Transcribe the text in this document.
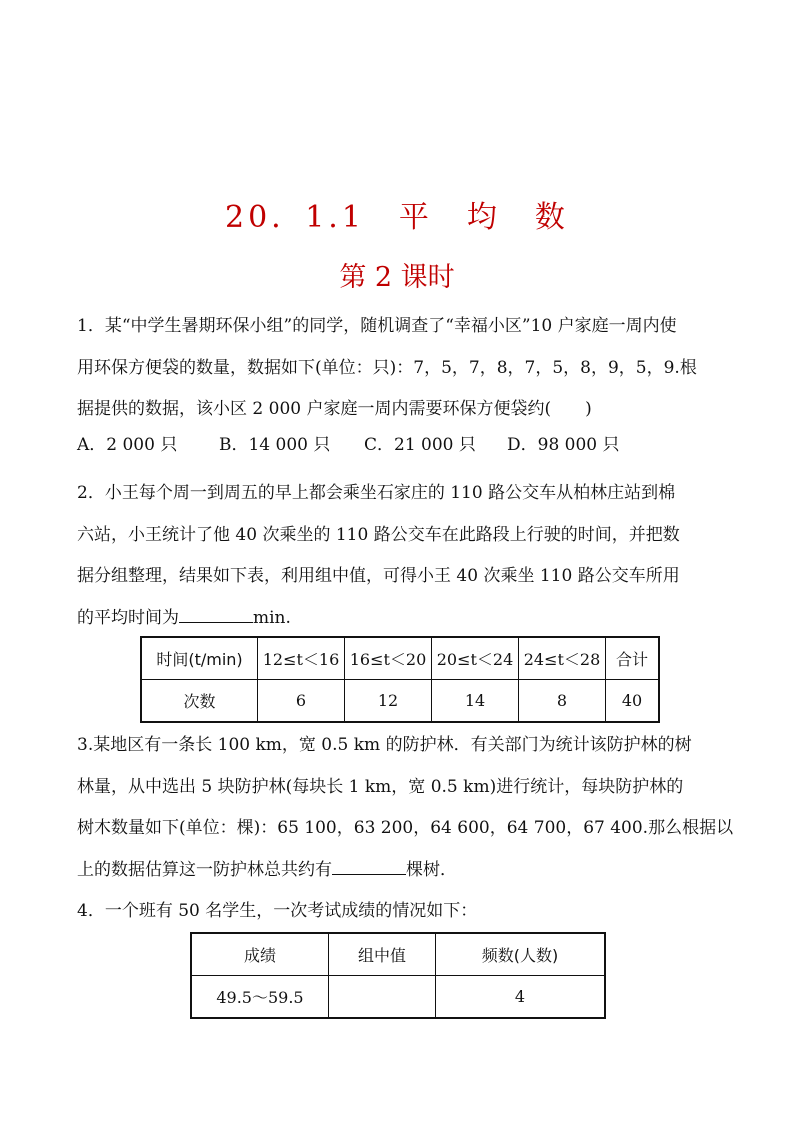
20．1.1　平　均　数
第 2 课时

1．某“中学生暑期环保小组”的同学，随机调查了“幸福小区”10 户家庭一周内使

用环保方便袋的数量，数据如下(单位：只)：7，5，7，8，7，5，8，9，5，9.根

据提供的数据，该小区 2 000 户家庭一周内需要环保方便袋约(　　)

A．2 000 只 B．14 000 只 C．21 000 只 D．98 000 只

2．小王每个周一到周五的早上都会乘坐石家庄的 110 路公交车从柏林庄站到棉

六站，小王统计了他 40 次乘坐的 110 路公交车在此路段上行驶的时间，并把数

据分组整理，结果如下表，利用组中值，可得小王 40 次乘坐 110 路公交车所用

的平均时间为	min.

时间(t/min)	12≤t＜16	16≤t＜20	20≤t＜24	24≤t＜28	合计
次数	6	12	14	8	40

3.某地区有一条长 100 km，宽 0.5 km 的防护林．有关部门为统计该防护林的树

林量，从中选出 5 块防护林(每块长 1 km，宽 0.5 km)进行统计，每块防护林的

树木数量如下(单位：棵)：65 100，63 200，64 600，64 700，67 400.那么根据以

上的数据估算这一防护林总共约有	棵树．

4．一个班有 50 名学生，一次考试成绩的情况如下：

成绩	组中值	频数(人数)
49.5～59.5		4
